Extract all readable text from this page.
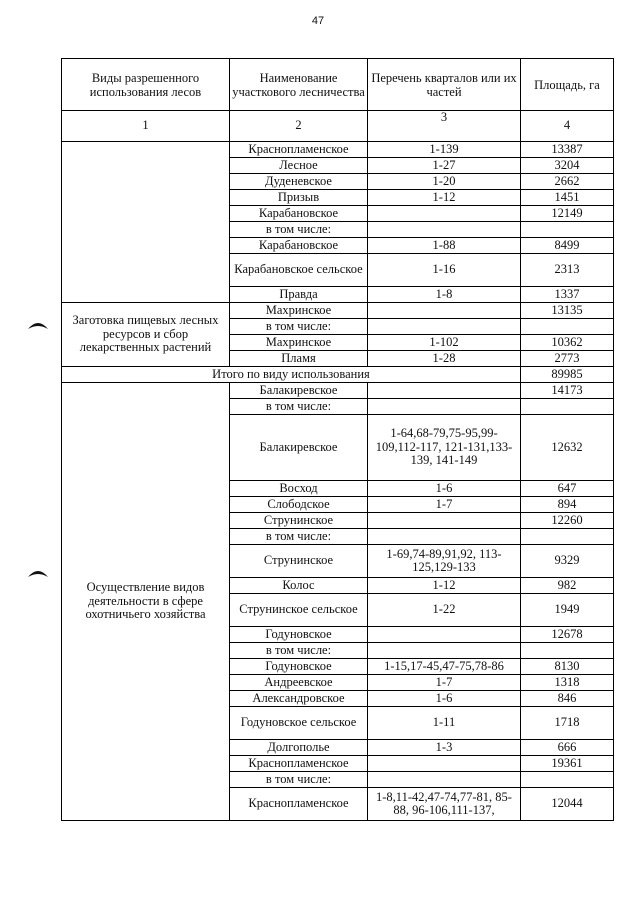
47
Виды разрешенного использования лесов	Наименование участкового лесничества	Перечень кварталов или их частей	Площадь, га
1	2	3	4
	Краснопламенское	1-139	13387
	Лесное	1-27	3204
	Дуденевское	1-20	2662
	Призыв	1-12	1451
	Карабановское		12149
	в том числе:		
	Карабановское	1-88	8499
	Карабановское сельское	1-16	2313
	Правда	1-8	1337
Заготовка пищевых лесных ресурсов и сбор лекарственных растений	Махринское		13135
	в том числе:		
	Махринское	1-102	10362
	Пламя	1-28	2773
Итого по виду использования			89985
Осуществление видов деятельности в сфере охотничьего хозяйства	Балакиревское		14173
	в том числе:		
	Балакиревское	1-64,68-79,75-95,99-109,112-117, 121-131,133-139, 141-149	12632
	Восход	1-6	647
	Слободское	1-7	894
	Струнинское		12260
	в том числе:		
	Струнинское	1-69,74-89,91,92, 113-125,129-133	9329
	Колос	1-12	982
	Струнинское сельское	1-22	1949
	Годуновское		12678
	в том числе:		
	Годуновское	1-15,17-45,47-75,78-86	8130
	Андреевское	1-7	1318
	Александровское	1-6	846
	Годуновское сельское	1-11	1718
	Долгополье	1-3	666
	Краснопламенское		19361
	в том числе:		
	Краснопламенское	1-8,11-42,47-74,77-81, 85-88, 96-106,111-137,	12044
